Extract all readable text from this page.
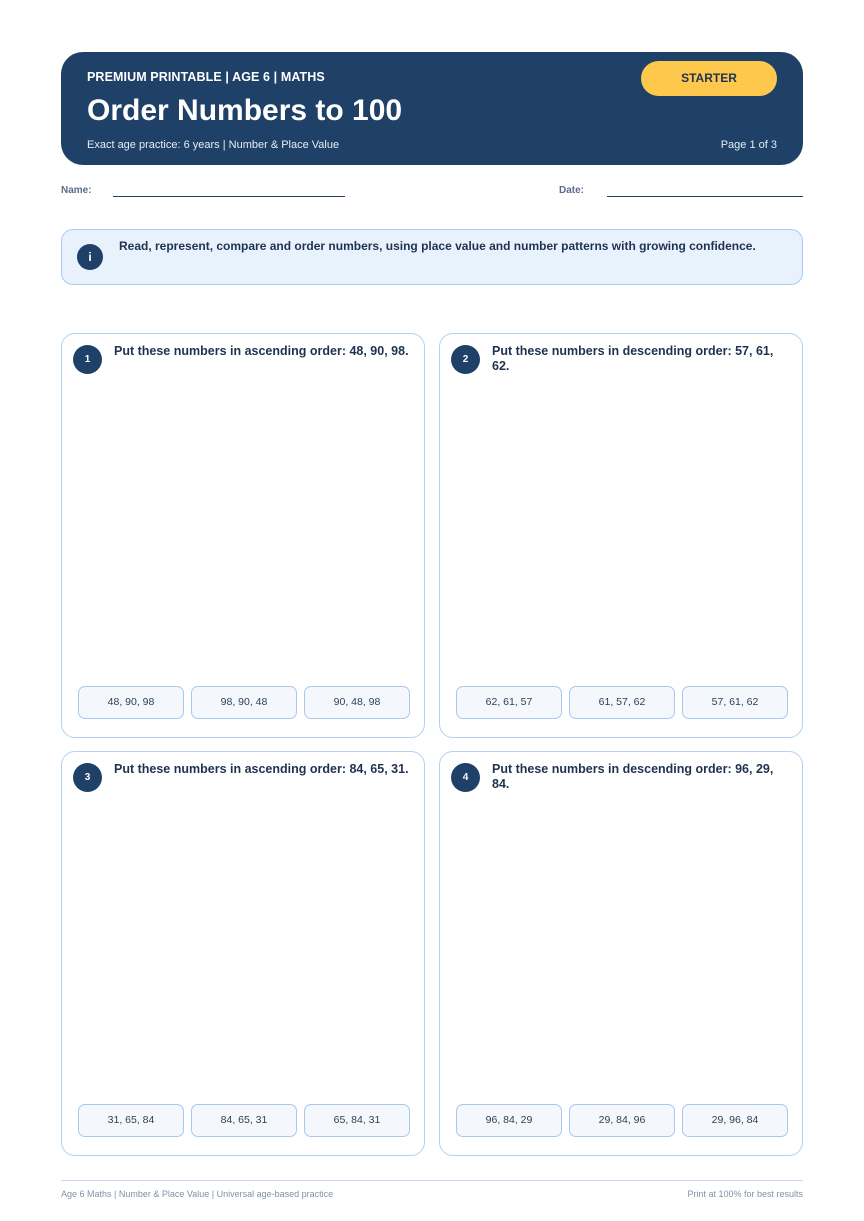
PREMIUM PRINTABLE | AGE 6 | MATHS
Order Numbers to 100
Exact age practice: 6 years | Number & Place Value	Page 1 of 3
STARTER
Name:	Date:
i
Read, represent, compare and order numbers, using place value and number patterns with growing confidence.
1
Put these numbers in ascending order: 48, 90, 98.
48, 90, 98	98, 90, 48	90, 48, 98
2
Put these numbers in descending order: 57, 61, 62.
62, 61, 57	61, 57, 62	57, 61, 62
3
Put these numbers in ascending order: 84, 65, 31.
31, 65, 84	84, 65, 31	65, 84, 31
4
Put these numbers in descending order: 96, 29, 84.
96, 84, 29	29, 84, 96	29, 96, 84
Age 6 Maths | Number & Place Value | Universal age-based practice	Print at 100% for best results
